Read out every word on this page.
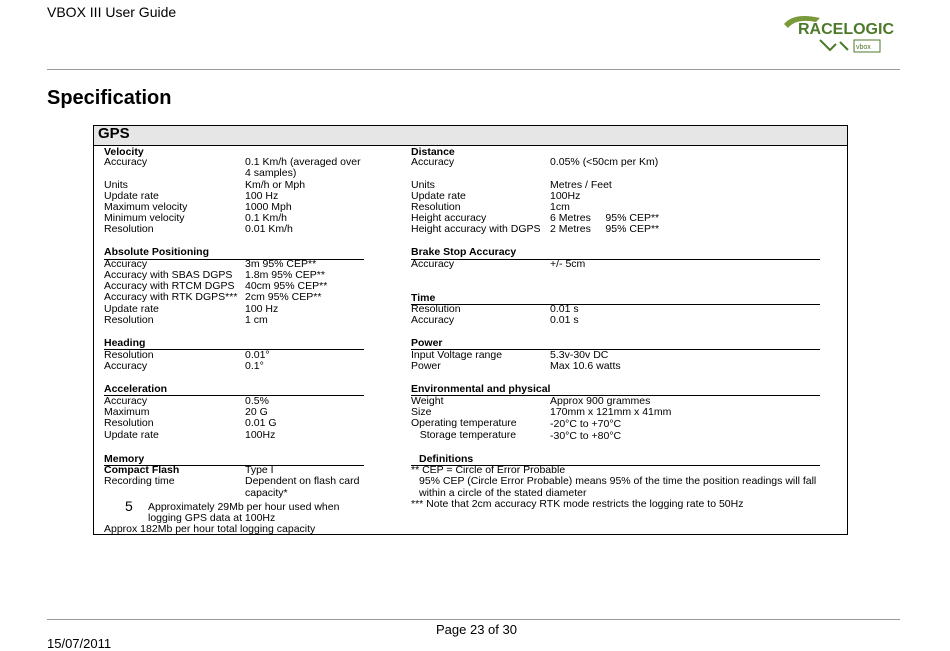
VBOX III User Guide
RACELOGIC
vbox
Specification
GPS
Velocity
Accuracy	0.1 Km/h (averaged over
4 samples)
Units	Km/h or Mph
Update rate	100 Hz
Maximum velocity	1000 Mph
Minimum velocity	0.1 Km/h
Resolution	0.01 Km/h
Absolute Positioning
Accuracy	3m 95% CEP**
Accuracy with SBAS DGPS 1.8m 95% CEP**
Accuracy with RTCM DGPS 40cm 95% CEP**
Accuracy with RTK DGPS*** 2cm 95% CEP**
Update rate	100 Hz
Resolution	1 cm
Heading
Resolution	0.01°
Accuracy	0.1°
Acceleration
Accuracy	0.5%
Maximum	20 G
Resolution	0.01 G
Update rate	100Hz
Memory
Compact Flash	Type I
Recording time	Dependent on flash card
capacity*
5 Approximately 29Mb per hour used when
logging GPS data at 100Hz
Approx 182Mb per hour total logging capacity
Distance
Accuracy	0.05% (<50cm per Km)
Units	Metres / Feet
Update rate	100Hz
Resolution	1cm
Height accuracy	6 Metres     95% CEP**
Height accuracy with DGPS 2 Metres     95% CEP**
Brake Stop Accuracy
Accuracy	+/- 5cm
Time
Resolution	0.01 s
Accuracy	0.01 s
Power
Input Voltage range	5.3v-30v DC
Power	Max 10.6 watts
Environmental and physical
Weight	Approx 900 grammes
Size	170mm x 121mm x 41mm
Operating temperature	-20°C to +70°C
Storage temperature	-30°C to +80°C
Definitions
** CEP = Circle of Error Probable
95% CEP (Circle Error Probable) means 95% of the time the position readings will fall
within a circle of the stated diameter
*** Note that 2cm accuracy RTK mode restricts the logging rate to 50Hz
Page 23 of 30
15/07/2011
